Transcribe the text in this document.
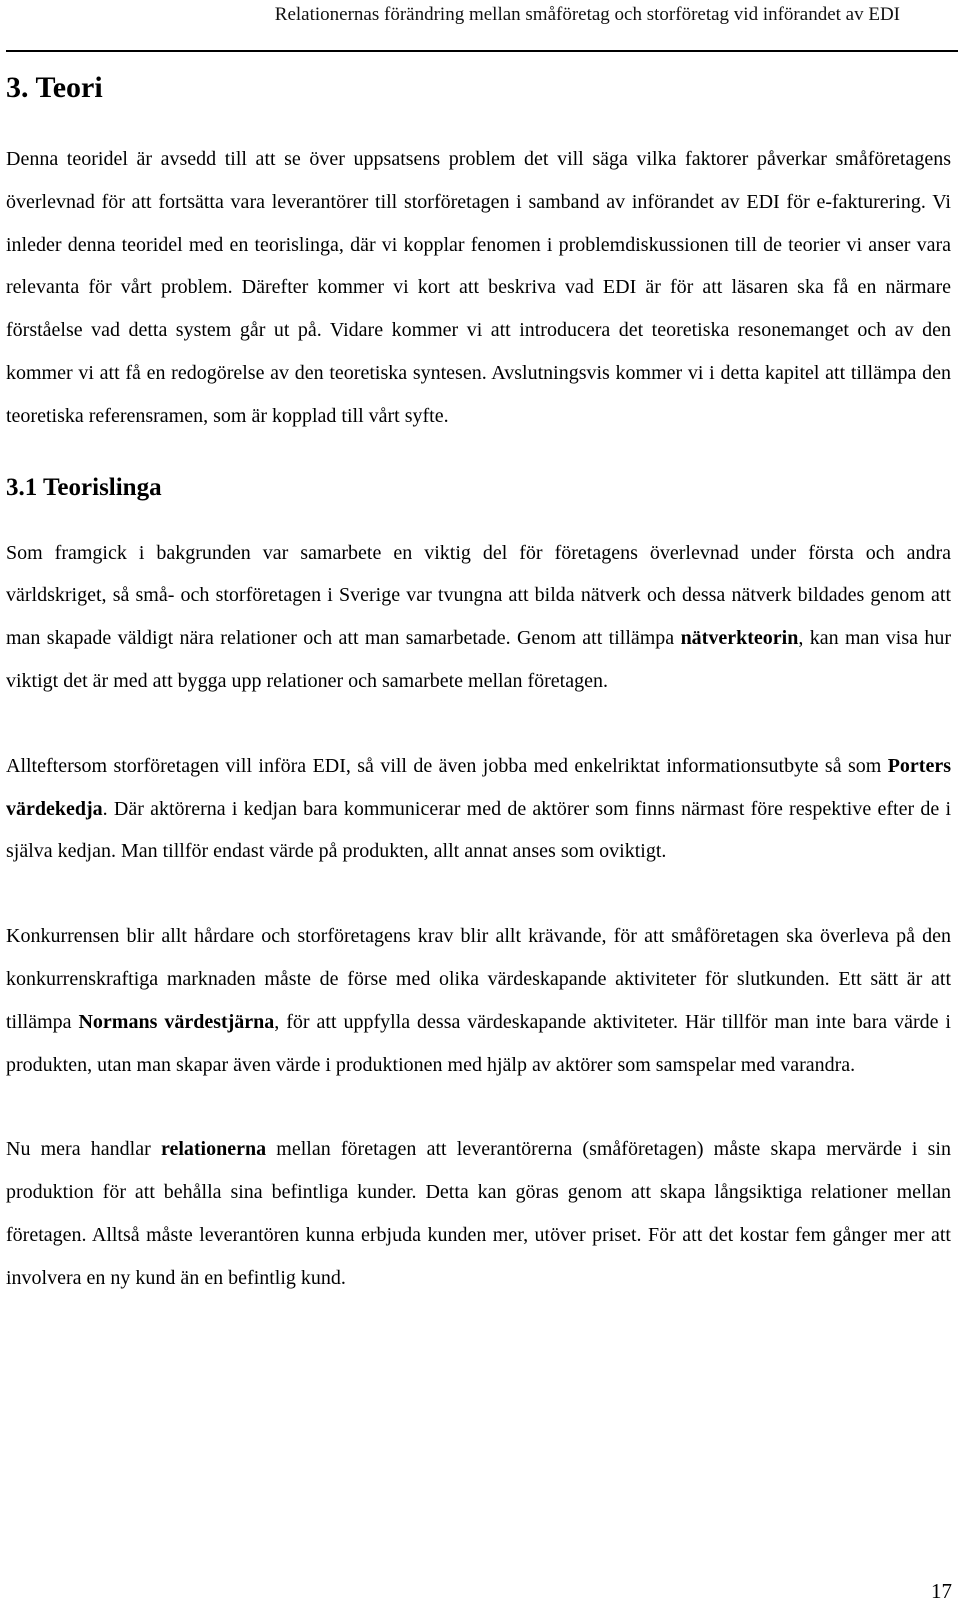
Relationernas förändring mellan småföretag och storföretag vid införandet av EDI
3. Teori

Denna teoridel är avsedd till att se över uppsatsens problem det vill säga vilka faktorer påverkar småföretagens överlevnad för att fortsätta vara leverantörer till storföretagen i samband av införandet av EDI för e-fakturering. Vi inleder denna teoridel med en teorislinga, där vi kopplar fenomen i problemdiskussionen till de teorier vi anser vara relevanta för vårt problem. Därefter kommer vi kort att beskriva vad EDI är för att läsaren ska få en närmare förståelse vad detta system går ut på. Vidare kommer vi att introducera det teoretiska resonemanget och av den kommer vi att få en redogörelse av den teoretiska syntesen. Avslutningsvis kommer vi i detta kapitel att tillämpa den teoretiska referensramen, som är kopplad till vårt syfte.

3.1 Teorislinga

Som framgick i bakgrunden var samarbete en viktig del för företagens överlevnad under första och andra världskriget, så små- och storföretagen i Sverige var tvungna att bilda nätverk och dessa nätverk bildades genom att man skapade väldigt nära relationer och att man samarbetade. Genom att tillämpa nätverkteorin, kan man visa hur viktigt det är med att bygga upp relationer och samarbete mellan företagen.

Allteftersom storföretagen vill införa EDI, så vill de även jobba med enkelriktat informationsutbyte så som Porters värdekedja. Där aktörerna i kedjan bara kommunicerar med de aktörer som finns närmast före respektive efter de i själva kedjan. Man tillför endast värde på produkten, allt annat anses som oviktigt.

Konkurrensen blir allt hårdare och storföretagens krav blir allt krävande, för att småföretagen ska överleva på den konkurrenskraftiga marknaden måste de förse med olika värdeskapande aktiviteter för slutkunden. Ett sätt är att tillämpa Normans värdestjärna, för att uppfylla dessa värdeskapande aktiviteter. Här tillför man inte bara värde i produkten, utan man skapar även värde i produktionen med hjälp av aktörer som samspelar med varandra.

Nu mera handlar relationerna mellan företagen att leverantörerna (småföretagen) måste skapa mervärde i sin produktion för att behålla sina befintliga kunder. Detta kan göras genom att skapa långsiktiga relationer mellan företagen. Alltså måste leverantören kunna erbjuda kunden mer, utöver priset. För att det kostar fem gånger mer att involvera en ny kund än en befintlig kund.

17
